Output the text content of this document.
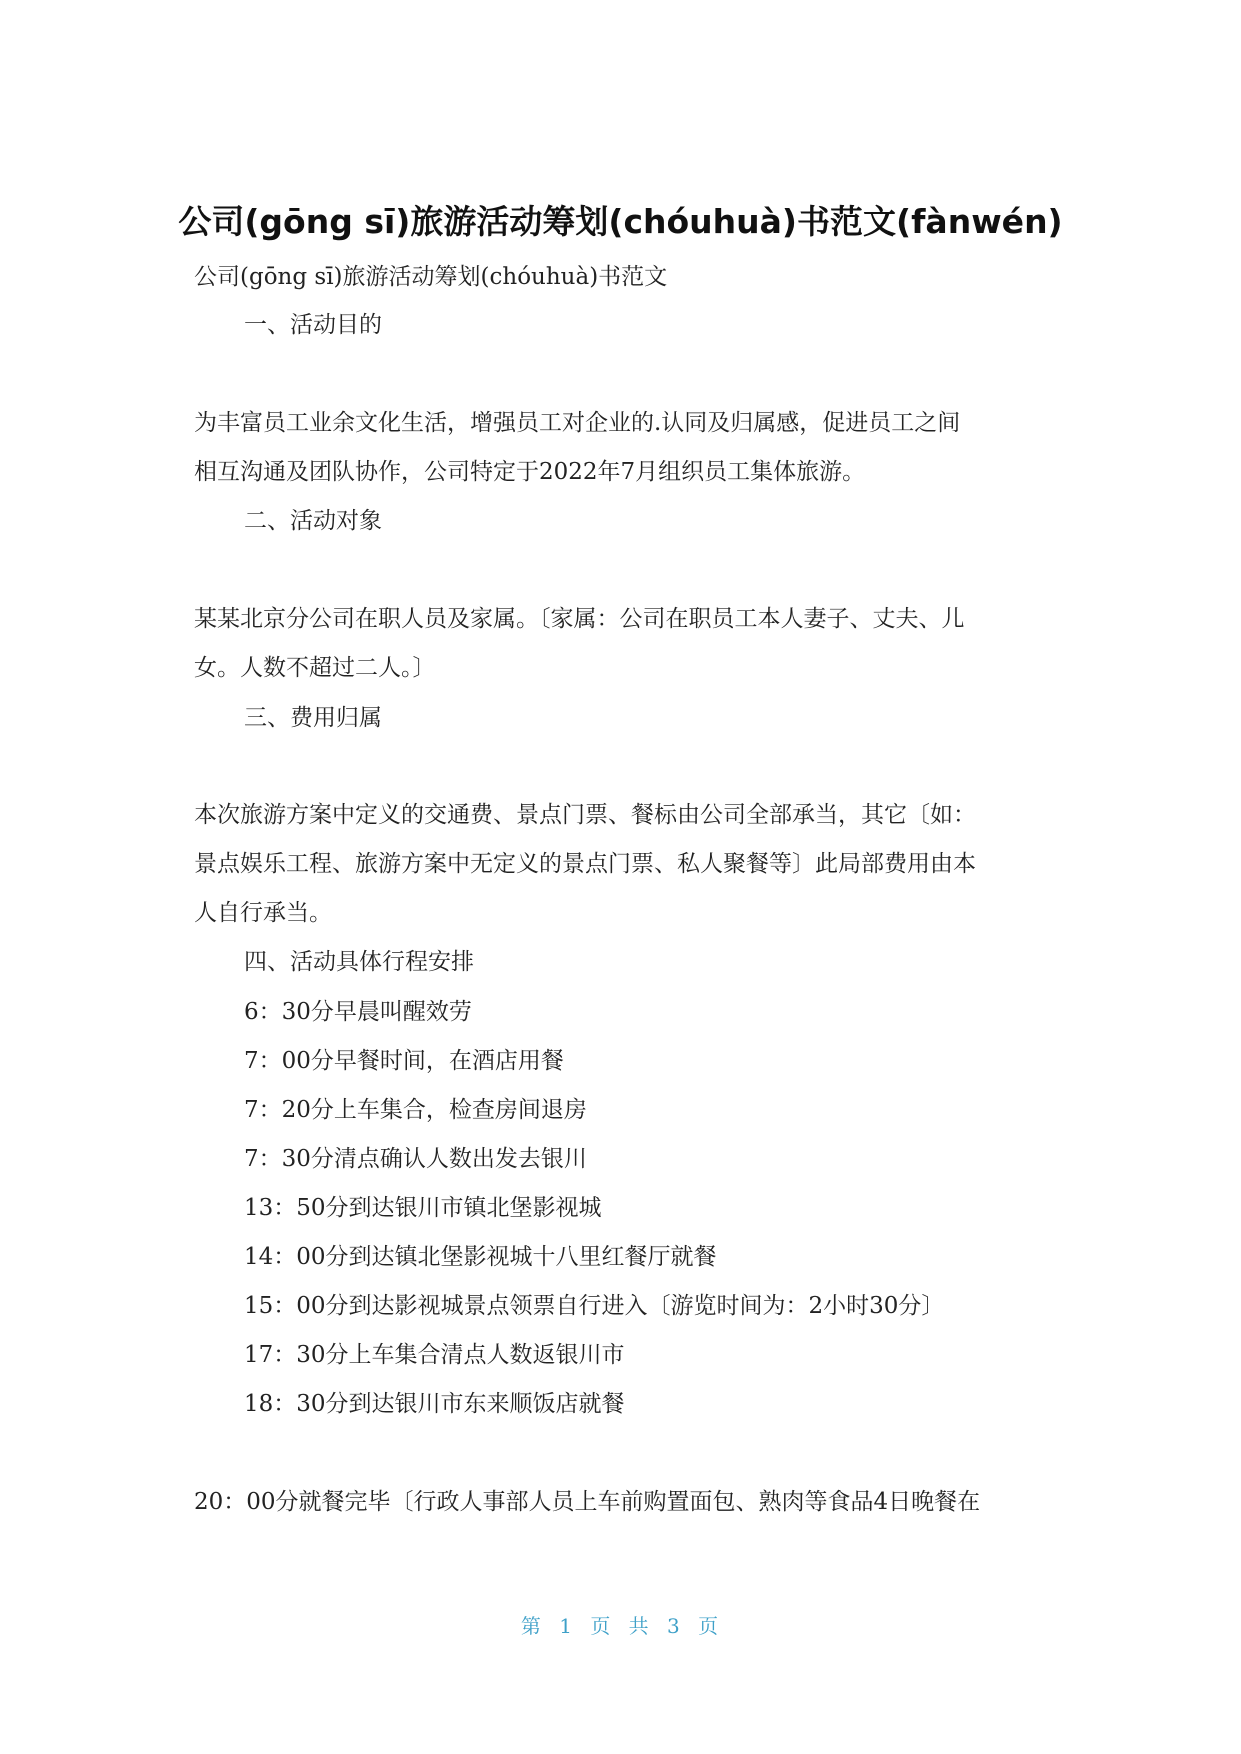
公司(gōng sī)旅游活动筹划(chóuhuà)书范文(fànwén)
公司(gōng sī)旅游活动筹划(chóuhuà)书范文
一、活动目的
为丰富员工业余文化生活，增强员工对企业的.认同及归属感，促进员工之间
相互沟通及团队协作，公司特定于2022年7月组织员工集体旅游。
二、活动对象
某某北京分公司在职人员及家属。〔家属：公司在职员工本人妻子、丈夫、儿
女。人数不超过二人。〕
三、费用归属
本次旅游方案中定义的交通费、景点门票、餐标由公司全部承当，其它〔如：
景点娱乐工程、旅游方案中无定义的景点门票、私人聚餐等〕此局部费用由本
人自行承当。
四、活动具体行程安排
6：30分早晨叫醒效劳
7：00分早餐时间，在酒店用餐
7：20分上车集合，检查房间退房
7：30分清点确认人数出发去银川
13：50分到达银川市镇北堡影视城
14：00分到达镇北堡影视城十八里红餐厅就餐
15：00分到达影视城景点领票自行进入〔游览时间为：2小时30分〕
17：30分上车集合清点人数返银川市
18：30分到达银川市东来顺饭店就餐
20：00分就餐完毕〔行政人事部人员上车前购置面包、熟肉等食品4日晚餐在
第 1 页 共 3 页
